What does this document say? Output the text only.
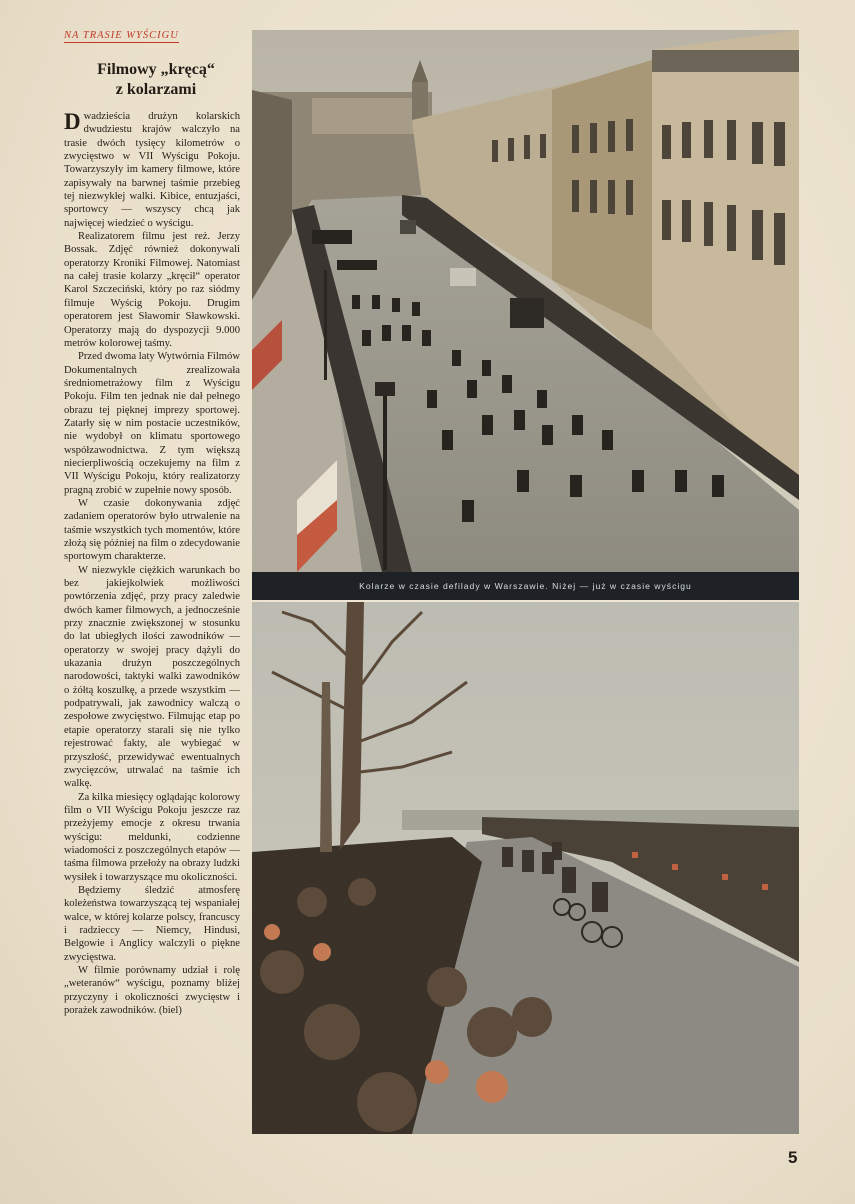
NA TRASIE WYŚCIGU
Filmowy „kręcą“
z kolarzami

Dwadzieścia drużyn kolarskich dwudziestu krajów walczyło na trasie dwóch tysięcy kilometrów o zwycięstwo w VII Wyścigu Pokoju. Towarzyszyły im kamery filmowe, które zapisywały na barwnej taśmie przebieg tej niezwykłej walki. Kibice, entuzjaści, sportowcy — wszyscy chcą jak najwięcej wiedzieć o wyścigu.

Realizatorem filmu jest reż. Jerzy Bossak. Zdjęć również dokonywali operatorzy Kroniki Filmowej. Natomiast na całej trasie kolarzy „kręcił“ operator Karol Szczeciński, który po raz siódmy filmuje Wyścig Pokoju. Drugim operatorem jest Sławomir Sławkowski. Operatorzy mają do dyspozycji 9.000 metrów kolorowej taśmy.

Przed dwoma laty Wytwórnia Filmów Dokumentalnych zrealizowała średniometrażowy film z Wyścigu Pokoju. Film ten jednak nie dał pełnego obrazu tej pięknej imprezy sportowej. Zatarły się w nim postacie uczestników, nie wydobył on klimatu sportowego współzawodnictwa. Z tym większą niecierpliwością oczekujemy na film z VII Wyścigu Pokoju, który realizatorzy pragną zrobić w zupełnie nowy sposób.

W czasie dokonywania zdjęć zadaniem operatorów było utrwalenie na taśmie wszystkich tych momentów, które złożą się później na film o zdecydowanie sportowym charakterze.

W niezwykle ciężkich warunkach bo bez jakiejkolwiek możliwości powtórzenia zdjęć, przy pracy zaledwie dwóch kamer filmowych, a jednocześnie przy znacznie zwiększonej w stosunku do lat ubiegłych ilości zawodników — operatorzy w swojej pracy dążyli do ukazania drużyn poszczególnych narodowości, taktyki walki zawodników o żółtą koszulkę, a przede wszystkim — podpatrywali, jak zawodnicy walczą o zespołowe zwycięstwo. Filmując etap po etapie operatorzy starali się nie tylko rejestrować fakty, ale wybiegać w przyszłość, przewidywać ewentualnych zwycięzców, utrwalać na taśmie ich walkę.

Za kilka miesięcy oglądając kolorowy film o VII Wyścigu Pokoju jeszcze raz przeżyjemy emocje z okresu trwania wyścigu: meldunki, codzienne wiadomości z poszczególnych etapów — taśma filmowa przełoży na obrazy ludzki wysiłek i towarzyszące mu okoliczności.

Będziemy śledzić atmosferę koleżeństwa towarzyszącą tej wspaniałej walce, w której kolarze polscy, francuscy i radzieccy — Niemcy, Hindusi, Belgowie i Anglicy walczyli o piękne zwycięstwa.

W filmie porównamy udział i rolę „weteranów“ wyścigu, poznamy bliżej przyczyny i okoliczności zwycięstw i porażek zawodników. (biel)

Kolarze w czasie defilady w Warszawie. Niżej — już w czasie wyścigu
5
